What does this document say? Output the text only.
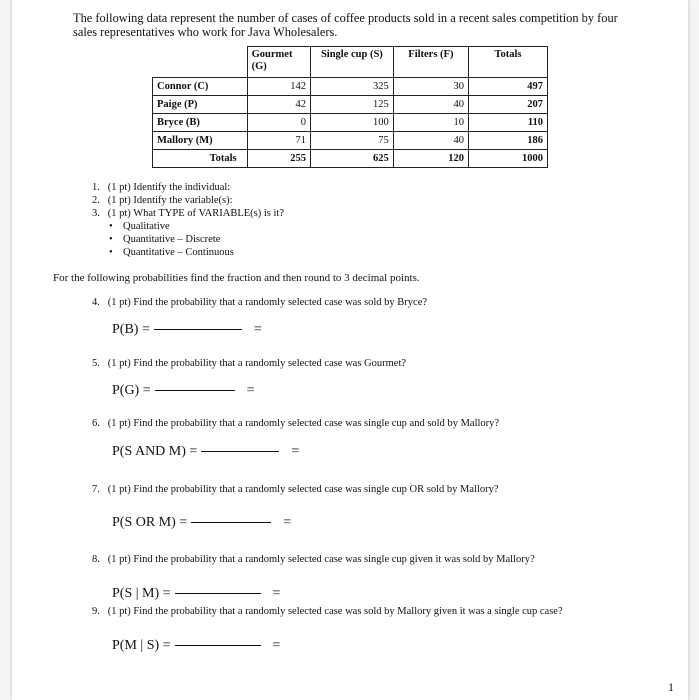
The following data represent the number of cases of coffee products sold in a recent sales competition by four sales representatives who work for Java Wholesalers.
	Gourmet (G)	Single cup (S)	Filters (F)	Totals
Connor (C)	142	325	30	497
Paige (P)	42	125	40	207
Bryce (B)	0	100	10	110
Mallory (M)	71	75	40	186
Totals	255	625	120	1000
1.   (1 pt) Identify the individual:
2.   (1 pt) Identify the variable(s):
3.   (1 pt) What TYPE of VARIABLE(s) is it?
• Qualitative
• Quantitative – Discrete
• Quantitative – Continuous
For the following probabilities find the fraction and then round to 3 decimal points.
4.   (1 pt) Find the probability that a randomly selected case was sold by Bryce?
P(B) =	=
5.   (1 pt) Find the probability that a randomly selected case was Gourmet?
P(G) =	=
6.   (1 pt) Find the probability that a randomly selected case was single cup and sold by Mallory?
P(S AND M) =	=
7.   (1 pt) Find the probability that a randomly selected case was single cup OR sold by Mallory?
P(S OR M) =	=
8.   (1 pt) Find the probability that a randomly selected case was single cup given it was sold by Mallory?
P(S | M) =	=
9.   (1 pt) Find the probability that a randomly selected case was sold by Mallory given it was a single cup case?
P(M | S) =	=
1
